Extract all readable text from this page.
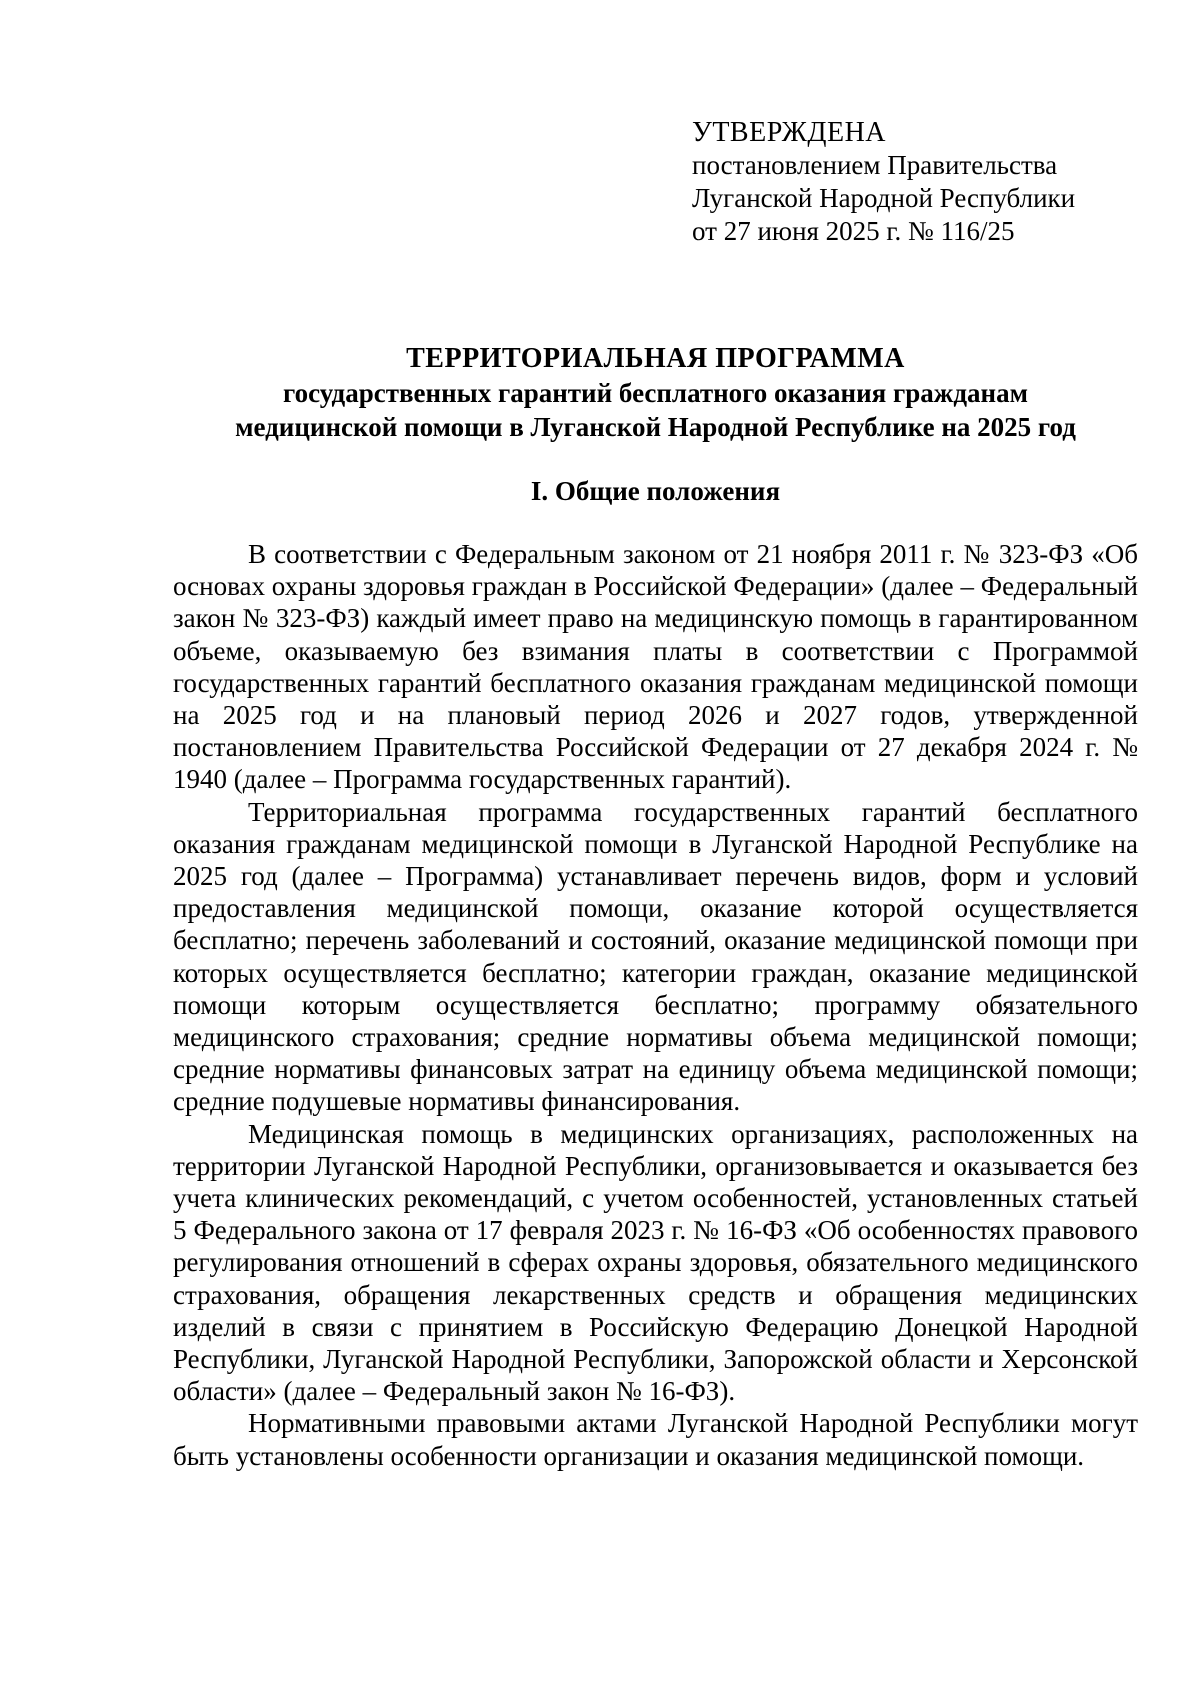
УТВЕРЖДЕНА
постановлением Правительства
Луганской Народной Республики
от 27 июня 2025 г. № 116/25
ТЕРРИТОРИАЛЬНАЯ ПРОГРАММА
государственных гарантий бесплатного оказания гражданам
медицинской помощи в Луганской Народной Республике на 2025 год
I. Общие положения

В соответствии с Федеральным законом от 21 ноября 2011 г. № 323-ФЗ «Об основах охраны здоровья граждан в Российской Федерации» (далее – Федеральный закон № 323-ФЗ) каждый имеет право на медицинскую помощь в гарантированном объеме, оказываемую без взимания платы в соответствии с Программой государственных гарантий бесплатного оказания гражданам медицинской помощи на 2025 год и на плановый период 2026 и 2027 годов, утвержденной постановлением Правительства Российской Федерации от 27 декабря 2024 г. № 1940 (далее – Программа государственных гарантий).

Территориальная программа государственных гарантий бесплатного оказания гражданам медицинской помощи в Луганской Народной Республике на 2025 год (далее – Программа) устанавливает перечень видов, форм и условий предоставления медицинской помощи, оказание которой осуществляется бесплатно; перечень заболеваний и состояний, оказание медицинской помощи при которых осуществляется бесплатно; категории граждан, оказание медицинской помощи которым осуществляется бесплатно; программу обязательного медицинского страхования; средние нормативы объема медицинской помощи; средние нормативы финансовых затрат на единицу объема медицинской помощи; средние подушевые нормативы финансирования.

Медицинская помощь в медицинских организациях, расположенных на территории Луганской Народной Республики, организовывается и оказывается без учета клинических рекомендаций, с учетом особенностей, установленных статьей 5 Федерального закона от 17 февраля 2023 г. № 16-ФЗ «Об особенностях правового регулирования отношений в сферах охраны здоровья, обязательного медицинского страхования, обращения лекарственных средств и обращения медицинских изделий в связи с принятием в Российскую Федерацию Донецкой Народной Республики, Луганской Народной Республики, Запорожской области и Херсонской области» (далее – Федеральный закон № 16-ФЗ).

Нормативными правовыми актами Луганской Народной Республики могут быть установлены особенности организации и оказания медицинской помощи.
